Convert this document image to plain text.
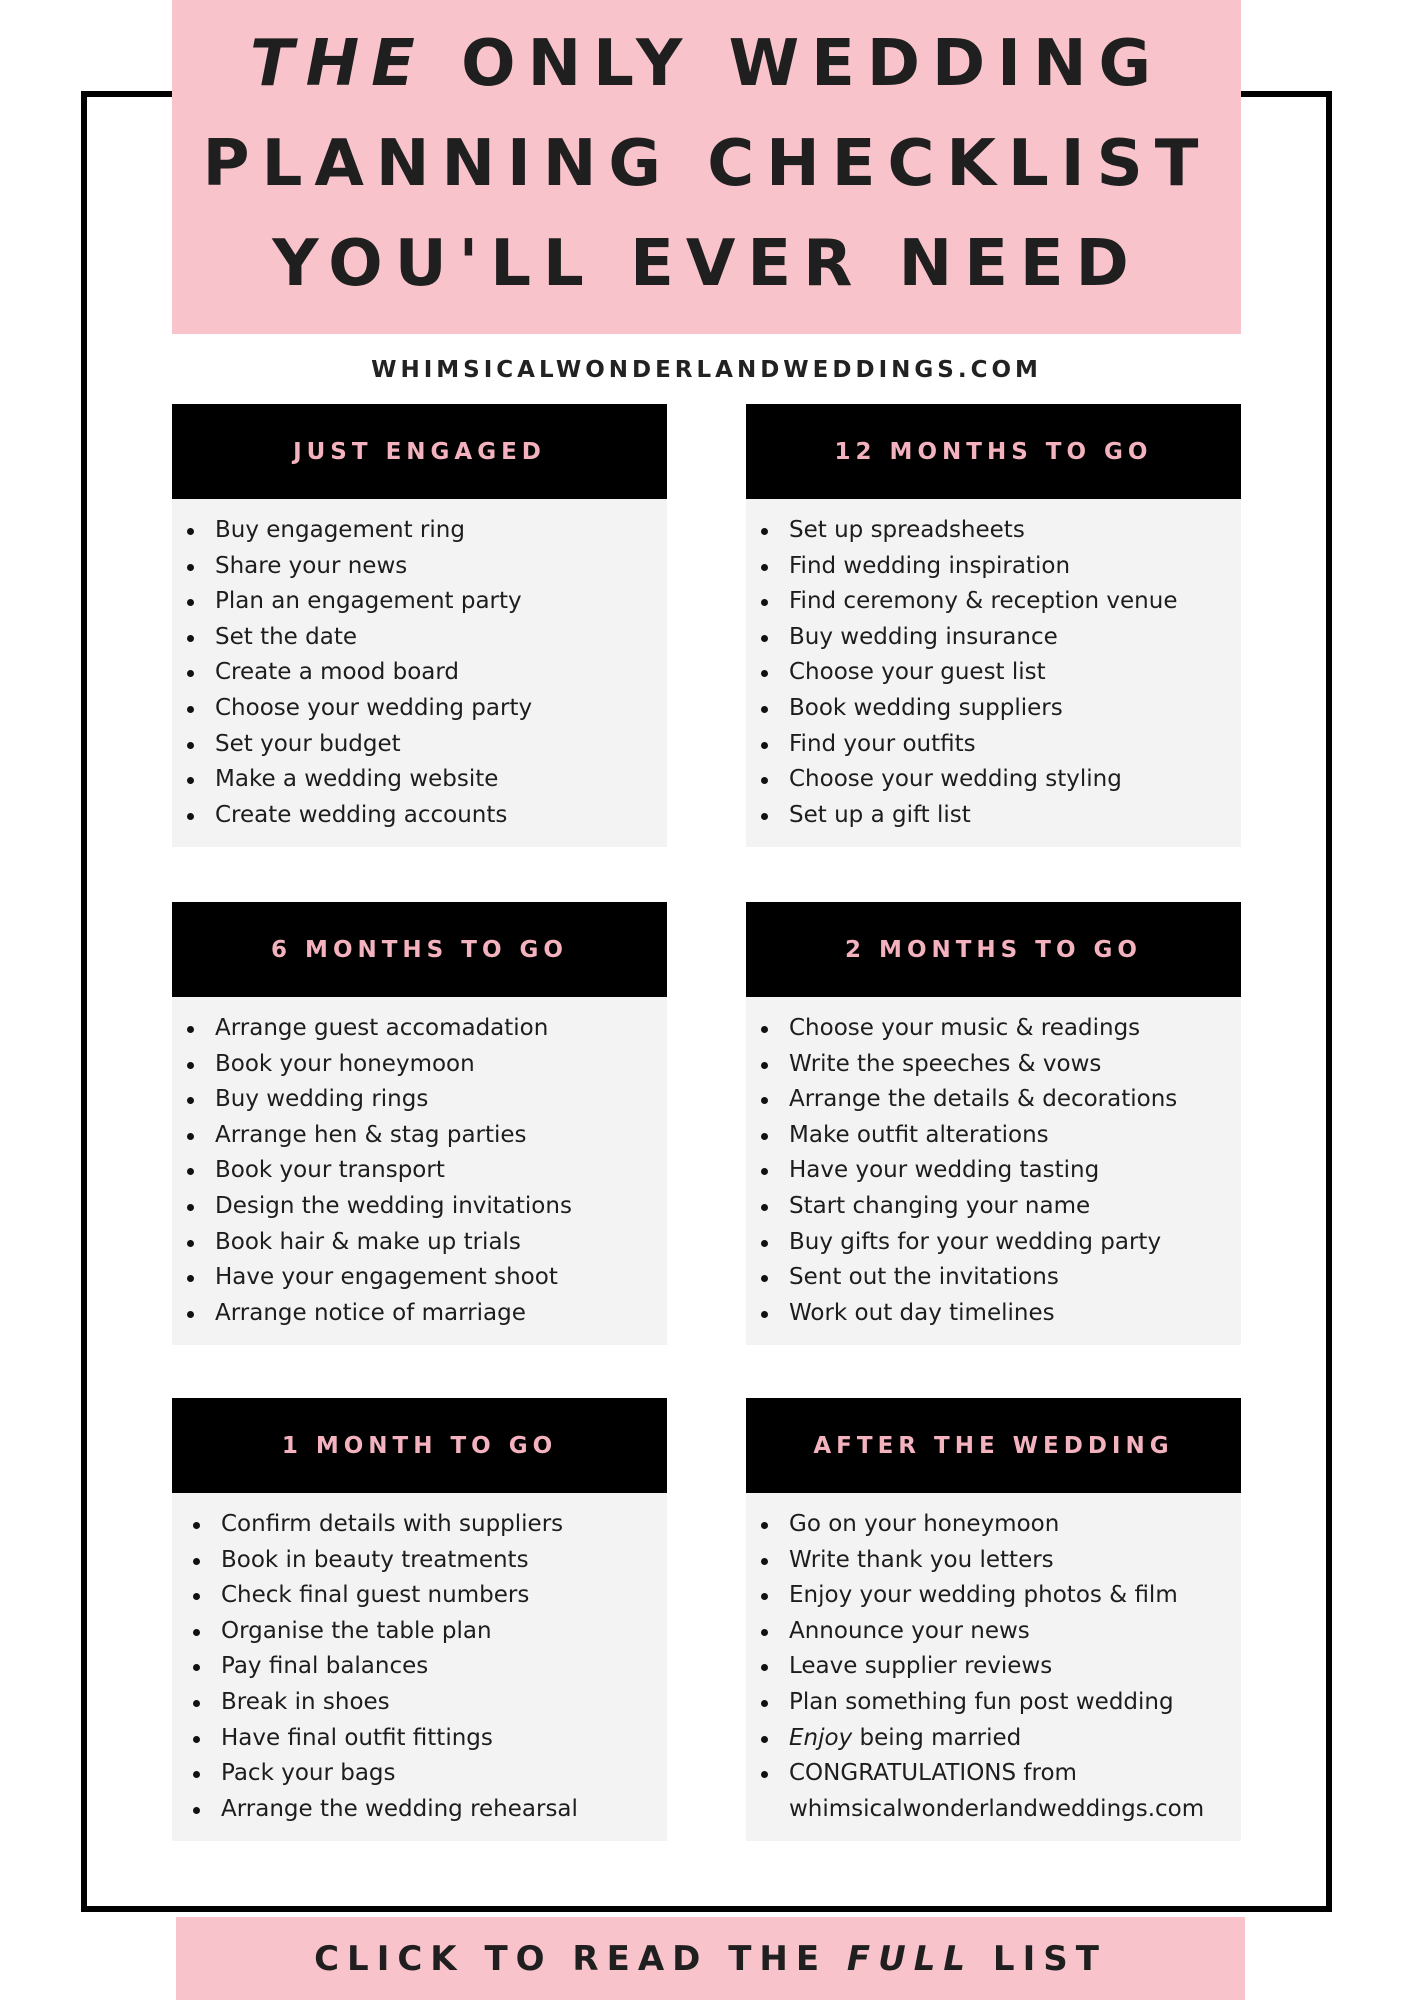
THE ONLY WEDDING
PLANNING CHECKLIST
YOU'LL EVER NEED
WHIMSICALWONDERLANDWEDDINGS.COM
JUST ENGAGED
Buy engagement ring
Share your news
Plan an engagement party
Set the date
Create a mood board
Choose your wedding party
Set your budget
Make a wedding website
Create wedding accounts
12 MONTHS TO GO
Set up spreadsheets
Find wedding inspiration
Find ceremony & reception venue
Buy wedding insurance
Choose your guest list
Book wedding suppliers
Find your outfits
Choose your wedding styling
Set up a gift list
6 MONTHS TO GO
Arrange guest accomadation
Book your honeymoon
Buy wedding rings
Arrange hen & stag parties
Book your transport
Design the wedding invitations
Book hair & make up trials
Have your engagement shoot
Arrange notice of marriage
2 MONTHS TO GO
Choose your music & readings
Write the speeches & vows
Arrange the details & decorations
Make outfit alterations
Have your wedding tasting
Start changing your name
Buy gifts for your wedding party
Sent out the invitations
Work out day timelines
1 MONTH TO GO
Confirm details with suppliers
Book in beauty treatments
Check final guest numbers
Organise the table plan
Pay final balances
Break in shoes
Have final outfit fittings
Pack your bags
Arrange the wedding rehearsal
AFTER THE WEDDING
Go on your honeymoon
Write thank you letters
Enjoy your wedding photos & film
Announce your news
Leave supplier reviews
Plan something fun post wedding
Enjoy being married
CONGRATULATIONS from whimsicalwonderlandweddings.com
CLICK TO READ THE FULL LIST
